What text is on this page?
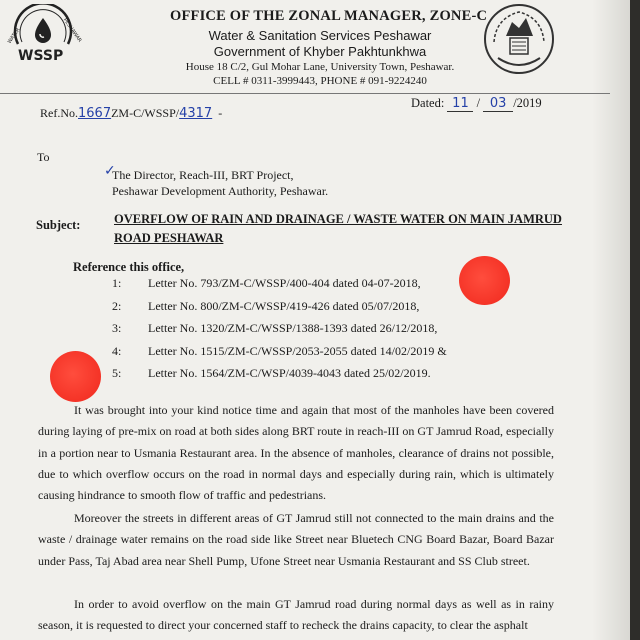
WATER	PESHAWAR
WSSP
OFFICE OF THE ZONAL MANAGER, ZONE-C
Water & Sanitation Services Peshawar
Government of Khyber Pakhtunkhwa
House 18 C/2, Gul Mohar Lane, University Town, Peshawar.
CELL # 0311-3999443, PHONE # 091-9224240
Ref.No.1667ZM-C/WSSP/4317 -
Dated: 11 / 03 /2019
To
✓
The Director, Reach-III, BRT Project,
Peshawar Development Authority, Peshawar.
Subject:	OVERFLOW OF RAIN AND DRAINAGE / WASTE WATER ON MAIN JAMRUD ROAD PESHAWAR
Reference this office,
1: Letter No. 793/ZM-C/WSSP/400-404 dated 04-07-2018,
2: Letter No. 800/ZM-C/WSSP/419-426 dated 05/07/2018,
3: Letter No. 1320/ZM-C/WSSP/1388-1393 dated 26/12/2018,
4: Letter No. 1515/ZM-C/WSSP/2053-2055 dated 14/02/2019 &
5: Letter No. 1564/ZM-C/WSP/4039-4043 dated 25/02/2019.
It was brought into your kind notice time and again that most of the manholes have been covered during laying of pre-mix on road at both sides along BRT route in reach-III on GT Jamrud Road, especially in a portion near to Usmania Restaurant area. In the absence of manholes, clearance of drains not possible, due to which overflow occurs on the road in normal days and especially during rain, which is ultimately causing hindrance to smooth flow of traffic and pedestrians.
Moreover the streets in different areas of GT Jamrud still not connected to the main drains and the waste / drainage water remains on the road side like Street near Bluetech CNG Board Bazar, Board Bazar under Pass, Taj Abad area near Shell Pump, Ufone Street near Usmania Restaurant and SS Club street.
In order to avoid overflow on the main GT Jamrud road during normal days as well as in rainy season, it is requested to direct your concerned staff to recheck the drains capacity, to clear the asphalt
